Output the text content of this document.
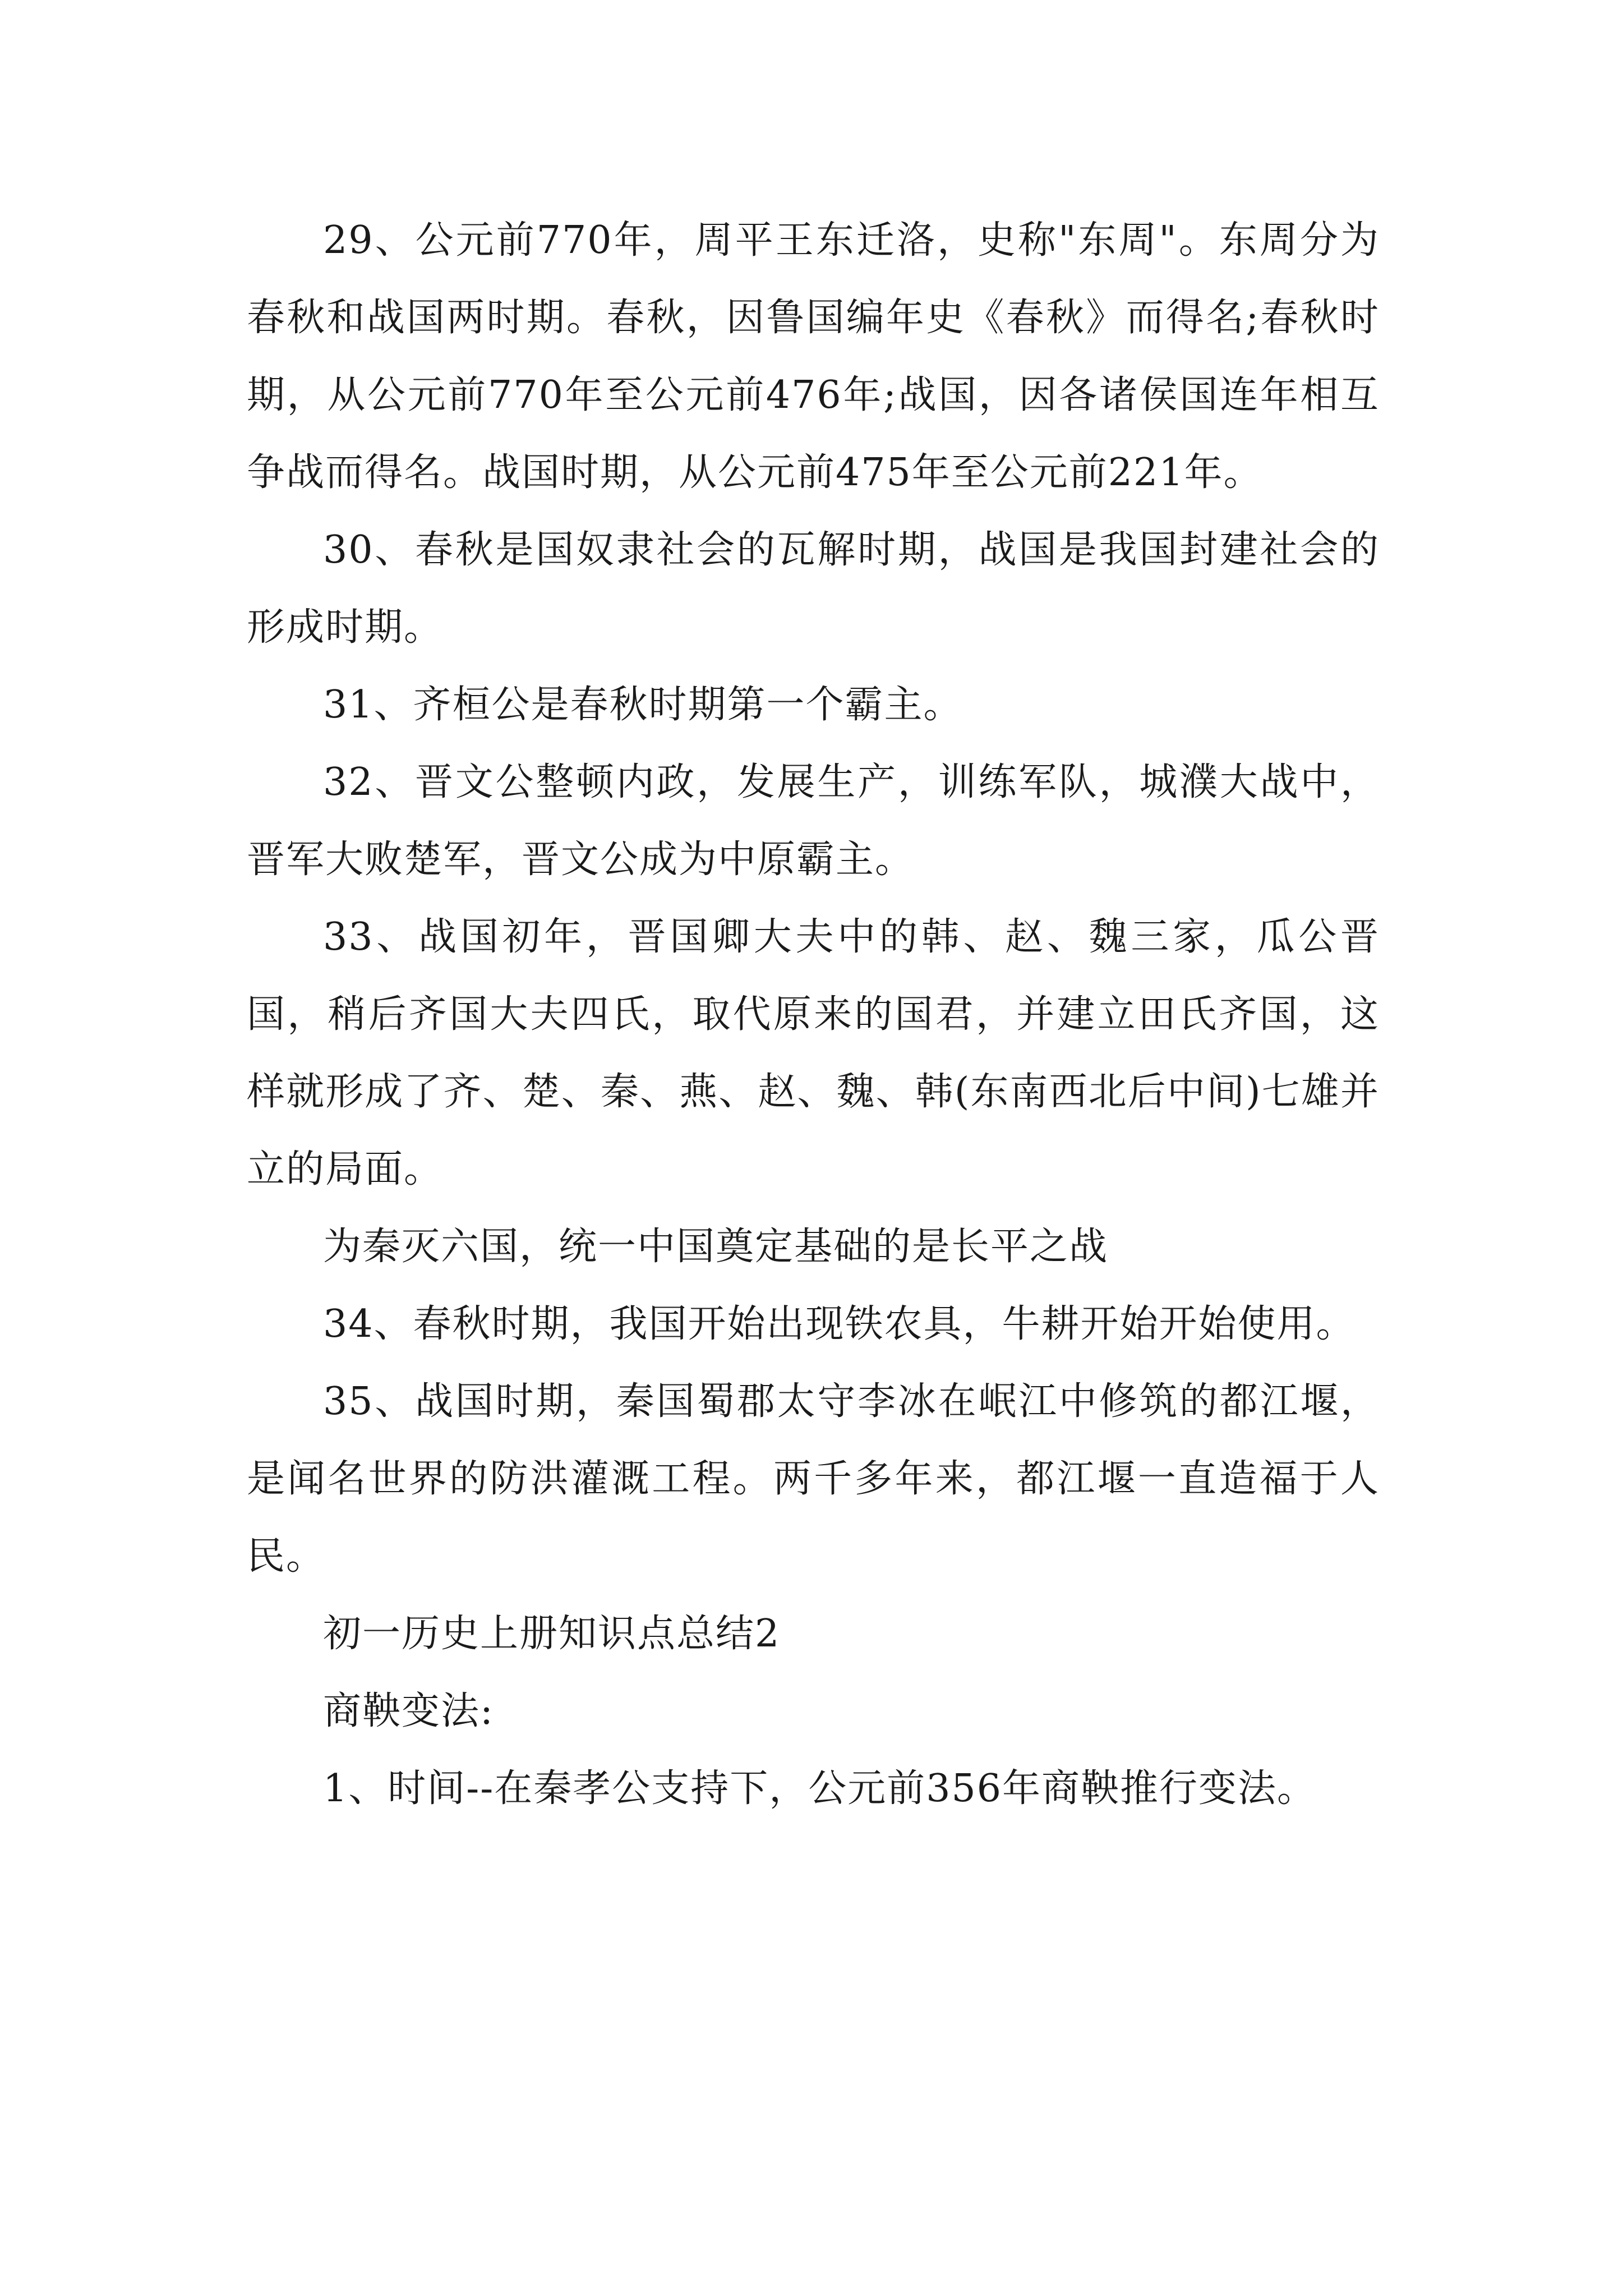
29、公元前770年，周平王东迁洛，史称"东周"。东周分为春秋和战国两时期。春秋，因鲁国编年史《春秋》而得名;春秋时期，从公元前770年至公元前476年;战国，因各诸侯国连年相互争战而得名。战国时期，从公元前475年至公元前221年。

30、春秋是国奴隶社会的瓦解时期，战国是我国封建社会的形成时期。

31、齐桓公是春秋时期第一个霸主。

32、晋文公整顿内政，发展生产，训练军队，城濮大战中，晋军大败楚军，晋文公成为中原霸主。

33、战国初年，晋国卿大夫中的韩、赵、魏三家，瓜公晋国，稍后齐国大夫四氏，取代原来的国君，并建立田氏齐国，这样就形成了齐、楚、秦、燕、赵、魏、韩(东南西北后中间)七雄并立的局面。

为秦灭六国，统一中国奠定基础的是长平之战

34、春秋时期，我国开始出现铁农具，牛耕开始开始使用。

35、战国时期，秦国蜀郡太守李冰在岷江中修筑的都江堰，是闻名世界的防洪灌溉工程。两千多年来，都江堰一直造福于人民。

初一历史上册知识点总结2

商鞅变法:

1、时间--在秦孝公支持下，公元前356年商鞅推行变法。
